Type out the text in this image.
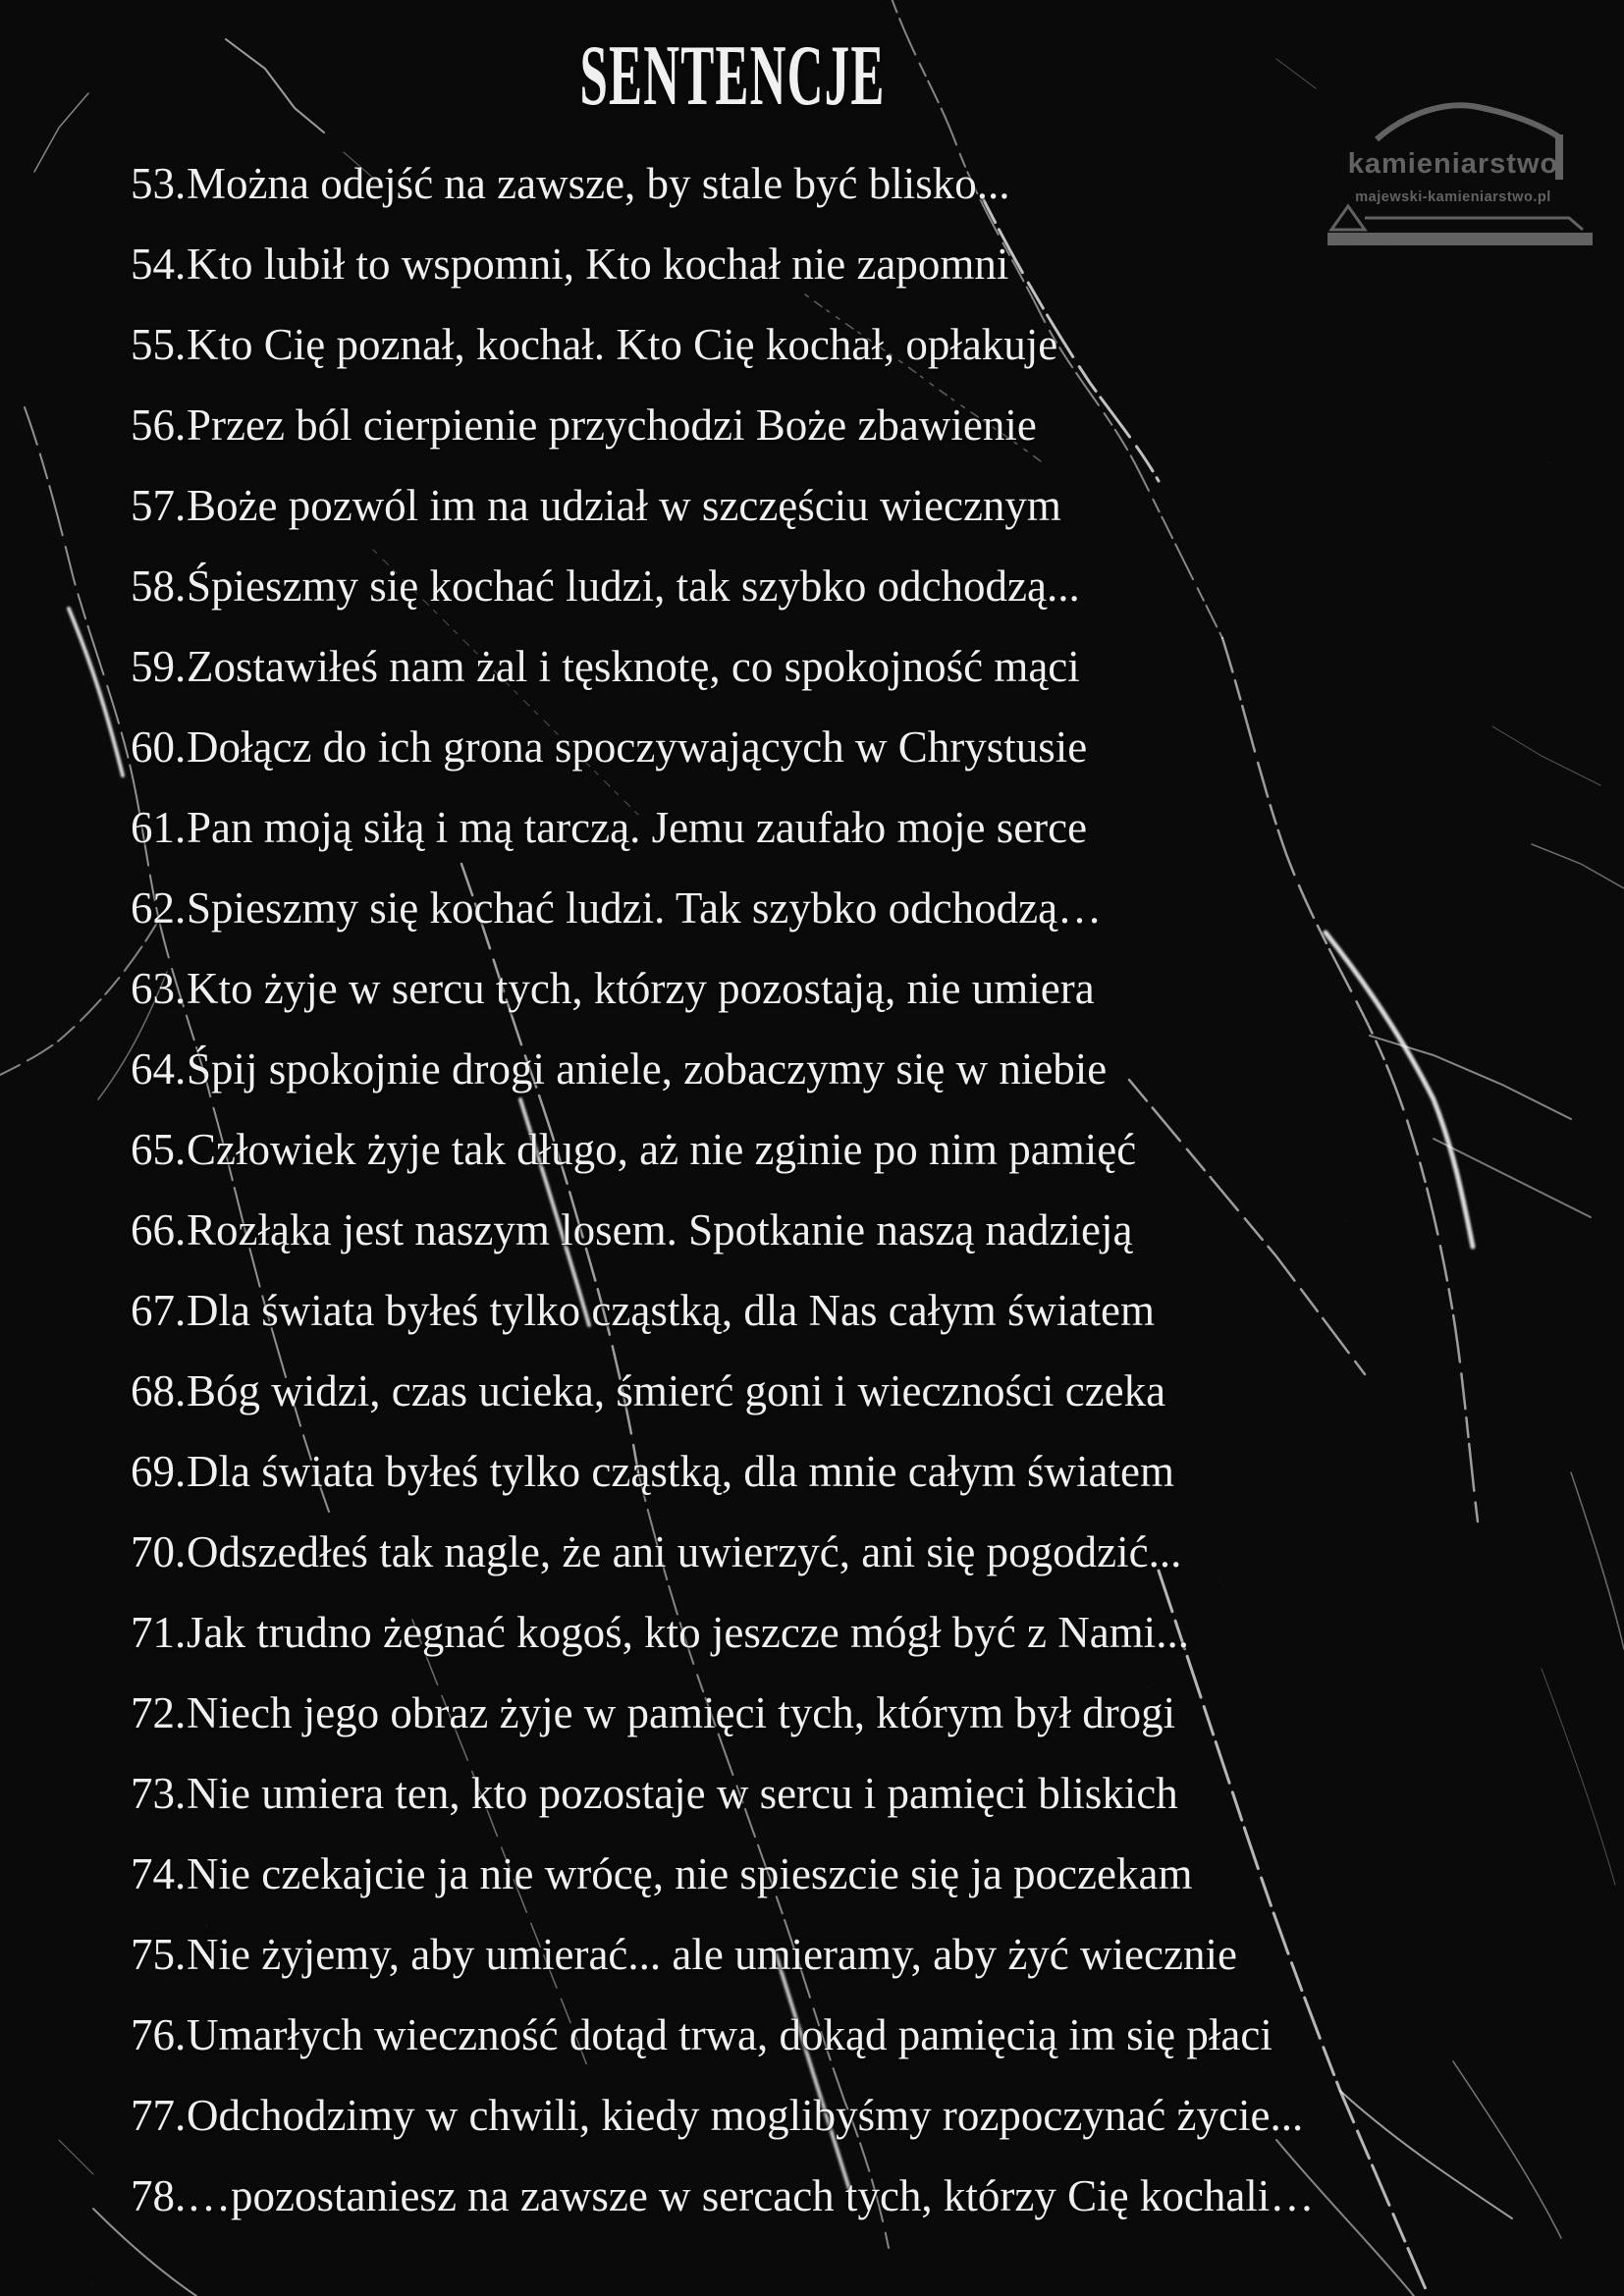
kamieniarstwo
majewski-kamieniarstwo.pl
SENTENCJE
53. Można odejść na zawsze, by stale być blisko...
54. Kto lubił to wspomni, Kto kochał nie zapomni
55. Kto Cię poznał, kochał. Kto Cię kochał, opłakuje
56. Przez ból cierpienie przychodzi Boże zbawienie
57. Boże pozwól im na udział w szczęściu wiecznym
58. Śpieszmy się kochać ludzi, tak szybko odchodzą...
59. Zostawiłeś nam żal i tęsknotę, co spokojność mąci
60. Dołącz do ich grona spoczywających w Chrystusie
61. Pan moją siłą i mą tarczą. Jemu zaufało moje serce
62. Spieszmy się kochać ludzi. Tak szybko odchodzą…
63. Kto żyje w sercu tych, którzy pozostają, nie umiera
64. Śpij spokojnie drogi aniele, zobaczymy się w niebie
65. Człowiek żyje tak długo, aż nie zginie po nim pamięć
66. Rozłąka jest naszym losem. Spotkanie naszą nadzieją
67. Dla świata byłeś tylko cząstką, dla Nas całym światem
68. Bóg widzi, czas ucieka, śmierć goni i wieczności czeka
69. Dla świata byłeś tylko cząstką, dla mnie całym światem
70. Odszedłeś tak nagle, że ani uwierzyć, ani się pogodzić...
71. Jak trudno żegnać kogoś, kto jeszcze mógł być z Nami...
72. Niech jego obraz żyje w pamięci tych, którym był drogi
73. Nie umiera ten, kto pozostaje w sercu i pamięci bliskich
74. Nie czekajcie ja nie wrócę, nie spieszcie się ja poczekam
75. Nie żyjemy, aby umierać... ale umieramy, aby żyć wiecznie
76. Umarłych wieczność dotąd trwa, dokąd pamięcią im się płaci
77. Odchodzimy w chwili, kiedy moglibyśmy rozpoczynać życie...
78. …pozostaniesz na zawsze w sercach tych, którzy Cię kochali…
